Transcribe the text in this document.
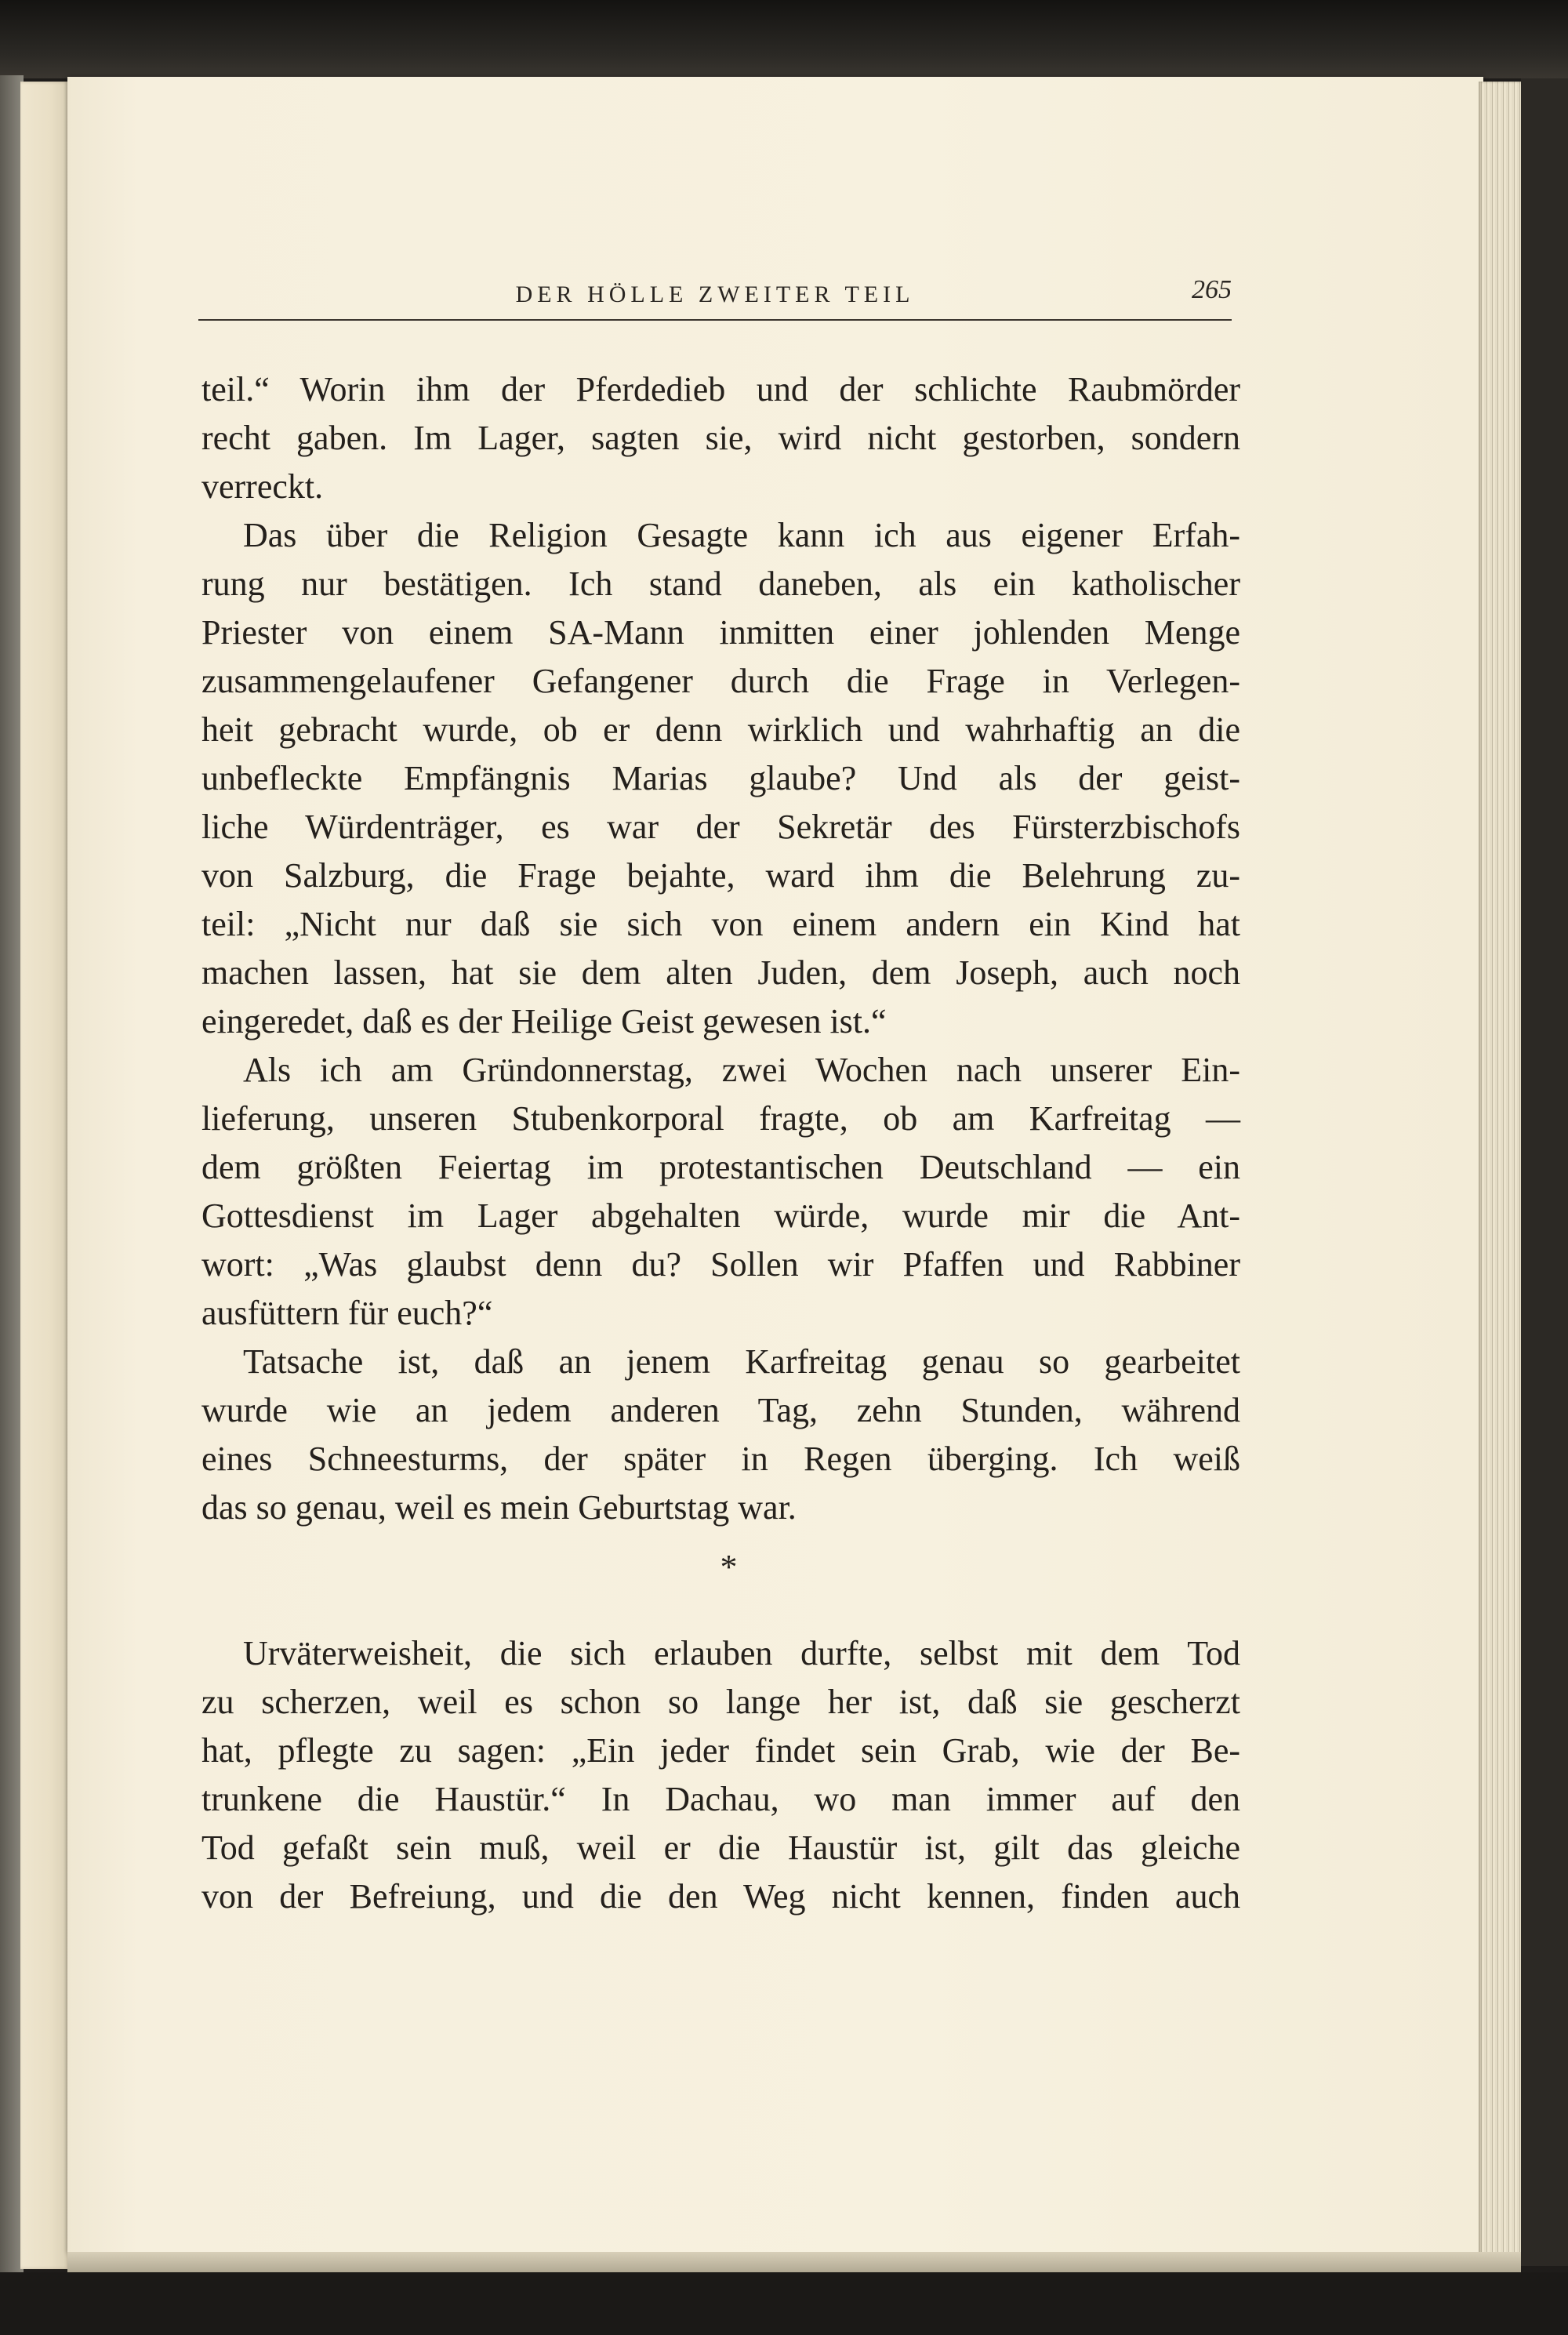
DER HÖLLE ZWEITER TEIL	265
teil.“ Worin ihm der Pferdedieb und der schlichte Raubmörder
recht gaben. Im Lager, sagten sie, wird nicht gestorben, sondern
verreckt.
Das über die Religion Gesagte kann ich aus eigener Erfah-
rung nur bestätigen. Ich stand daneben, als ein katholischer
Priester von einem SA-Mann inmitten einer johlenden Menge
zusammengelaufener Gefangener durch die Frage in Verlegen-
heit gebracht wurde, ob er denn wirklich und wahrhaftig an die
unbefleckte Empfängnis Marias glaube? Und als der geist-
liche Würdenträger, es war der Sekretär des Fürsterzbischofs
von Salzburg, die Frage bejahte, ward ihm die Belehrung zu-
teil: „Nicht nur daß sie sich von einem andern ein Kind hat
machen lassen, hat sie dem alten Juden, dem Joseph, auch noch
eingeredet, daß es der Heilige Geist gewesen ist.“
Als ich am Gründonnerstag, zwei Wochen nach unserer Ein-
lieferung, unseren Stubenkorporal fragte, ob am Karfreitag —
dem größten Feiertag im protestantischen Deutschland — ein
Gottesdienst im Lager abgehalten würde, wurde mir die Ant-
wort: „Was glaubst denn du? Sollen wir Pfaffen und Rabbiner
ausfüttern für euch?“
Tatsache ist, daß an jenem Karfreitag genau so gearbeitet
wurde wie an jedem anderen Tag, zehn Stunden, während
eines Schneesturms, der später in Regen überging. Ich weiß
das so genau, weil es mein Geburtstag war.
*
Urväterweisheit, die sich erlauben durfte, selbst mit dem Tod
zu scherzen, weil es schon so lange her ist, daß sie gescherzt
hat, pflegte zu sagen: „Ein jeder findet sein Grab, wie der Be-
trunkene die Haustür.“ In Dachau, wo man immer auf den
Tod gefaßt sein muß, weil er die Haustür ist, gilt das gleiche
von der Befreiung, und die den Weg nicht kennen, finden auch
